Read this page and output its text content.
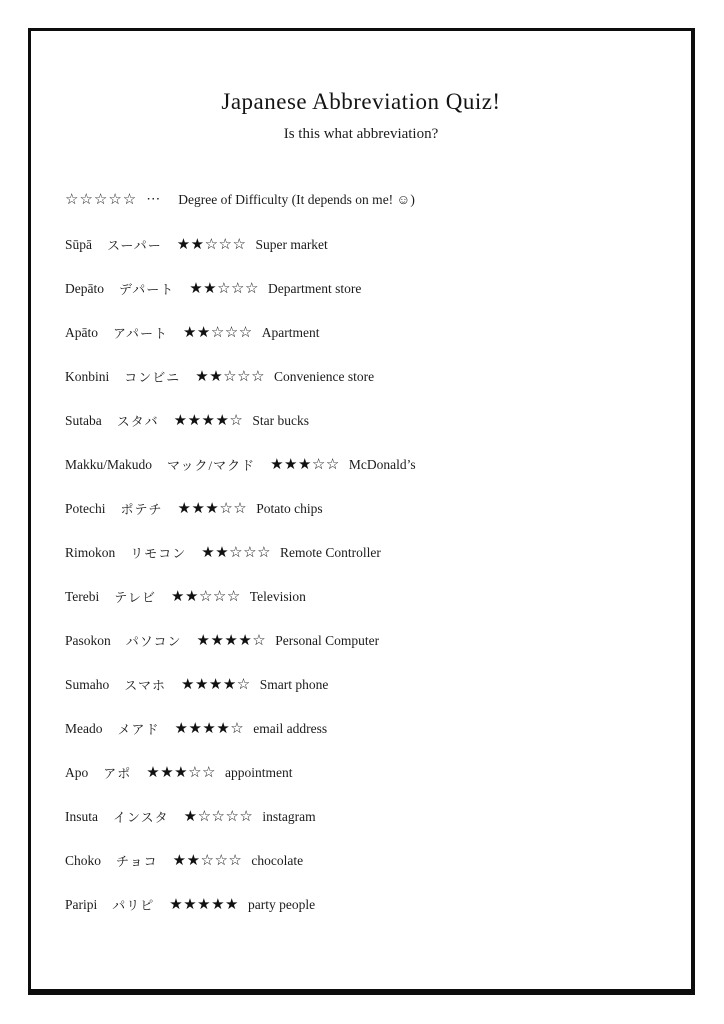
Japanese Abbreviation Quiz!
Is this what abbreviation?
☆☆☆☆☆ ⋯ Degree of Difficulty (It depends on me! ☺)
Sūpā スーパー ★★☆☆☆ Super market
Depāto デパート ★★☆☆☆ Department store
Apāto アパート ★★☆☆☆ Apartment
Konbini コンビニ ★★☆☆☆ Convenience store
Sutaba スタバ ★★★★☆ Star bucks
Makku/Makudo マック/マクド ★★★☆☆ McDonald’s
Potechi ポテチ ★★★☆☆ Potato chips
Rimokon リモコン ★★☆☆☆ Remote Controller
Terebi テレビ ★★☆☆☆ Television
Pasokon パソコン ★★★★☆ Personal Computer
Sumaho スマホ ★★★★☆ Smart phone
Meado メアド ★★★★☆ email address
Apo アポ ★★★☆☆ appointment
Insuta インスタ ★☆☆☆☆ instagram
Choko チョコ ★★☆☆☆ chocolate
Paripi パリピ ★★★★★ party people
